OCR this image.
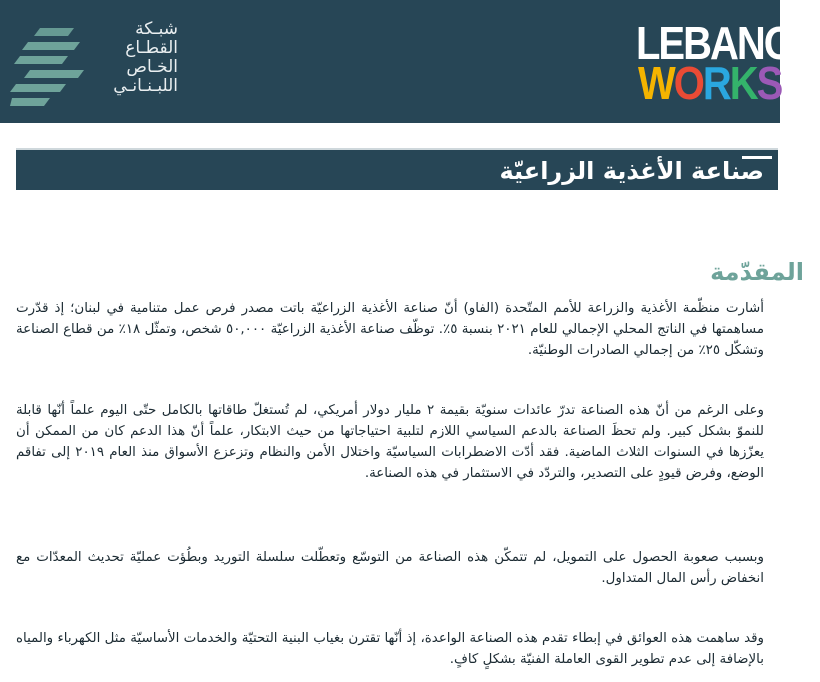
شبـكة
القطـاع
الخـاص
اللبـنـانـي
LEBANON
WORKS
صناعة الأغذية الزراعيّة
المقدّمة
أشارت منظّمة الأغذية والزراعة للأمم المتّحدة (الفاو) أنّ صناعة الأغذية الزراعيّة باتت مصدر فرص عمل متنامية في لبنان؛ إذ قدّرت مساهمتها في الناتج المحلي الإجمالي للعام ٢٠٢١ بنسبة ٥٪. توظّف صناعة الأغذية الزراعيّة ٥٠,٠٠٠ شخص، وتمثّل ١٨٪ من قطاع الصناعة وتشكّل ٢٥٪ من إجمالي الصادرات الوطنيّة.
وعلى الرغم من أنّ هذه الصناعة تدرّ عائدات سنويّة بقيمة ٢ مليار دولار أمريكي، لم تُستغلّ طاقاتها بالكامل حتّى اليوم علماً أنّها قابلة للنموّ بشكل كبير. ولم تحظَ الصناعة بالدعم السياسي اللازم لتلبية احتياجاتها من حيث الابتكار، علماً أنّ هذا الدعم كان من الممكن أن يعزّزها في السنوات الثلاث الماضية. فقد أدّت الاضطرابات السياسيّة واختلال الأمن والنظام وتزعزع الأسواق منذ العام ٢٠١٩ إلى تفاقم الوضع، وفرض قيودٍ على التصدير، والتردّد في الاستثمار في هذه الصناعة.
وبسبب صعوبة الحصول على التمويل، لم تتمكّن هذه الصناعة من التوسّع وتعطّلت سلسلة التوريد وبطُؤت عمليّة تحديث المعدّات مع انخفاض رأس المال المتداول.
وقد ساهمت هذه العوائق في إبطاء تقدم هذه الصناعة الواعدة، إذ أنّها تقترن بغياب البنية التحتيّة والخدمات الأساسيّة مثل الكهرباء والمياه بالإضافة إلى عدم تطوير القوى العاملة الفنيّة بشكلٍ كافٍ.
